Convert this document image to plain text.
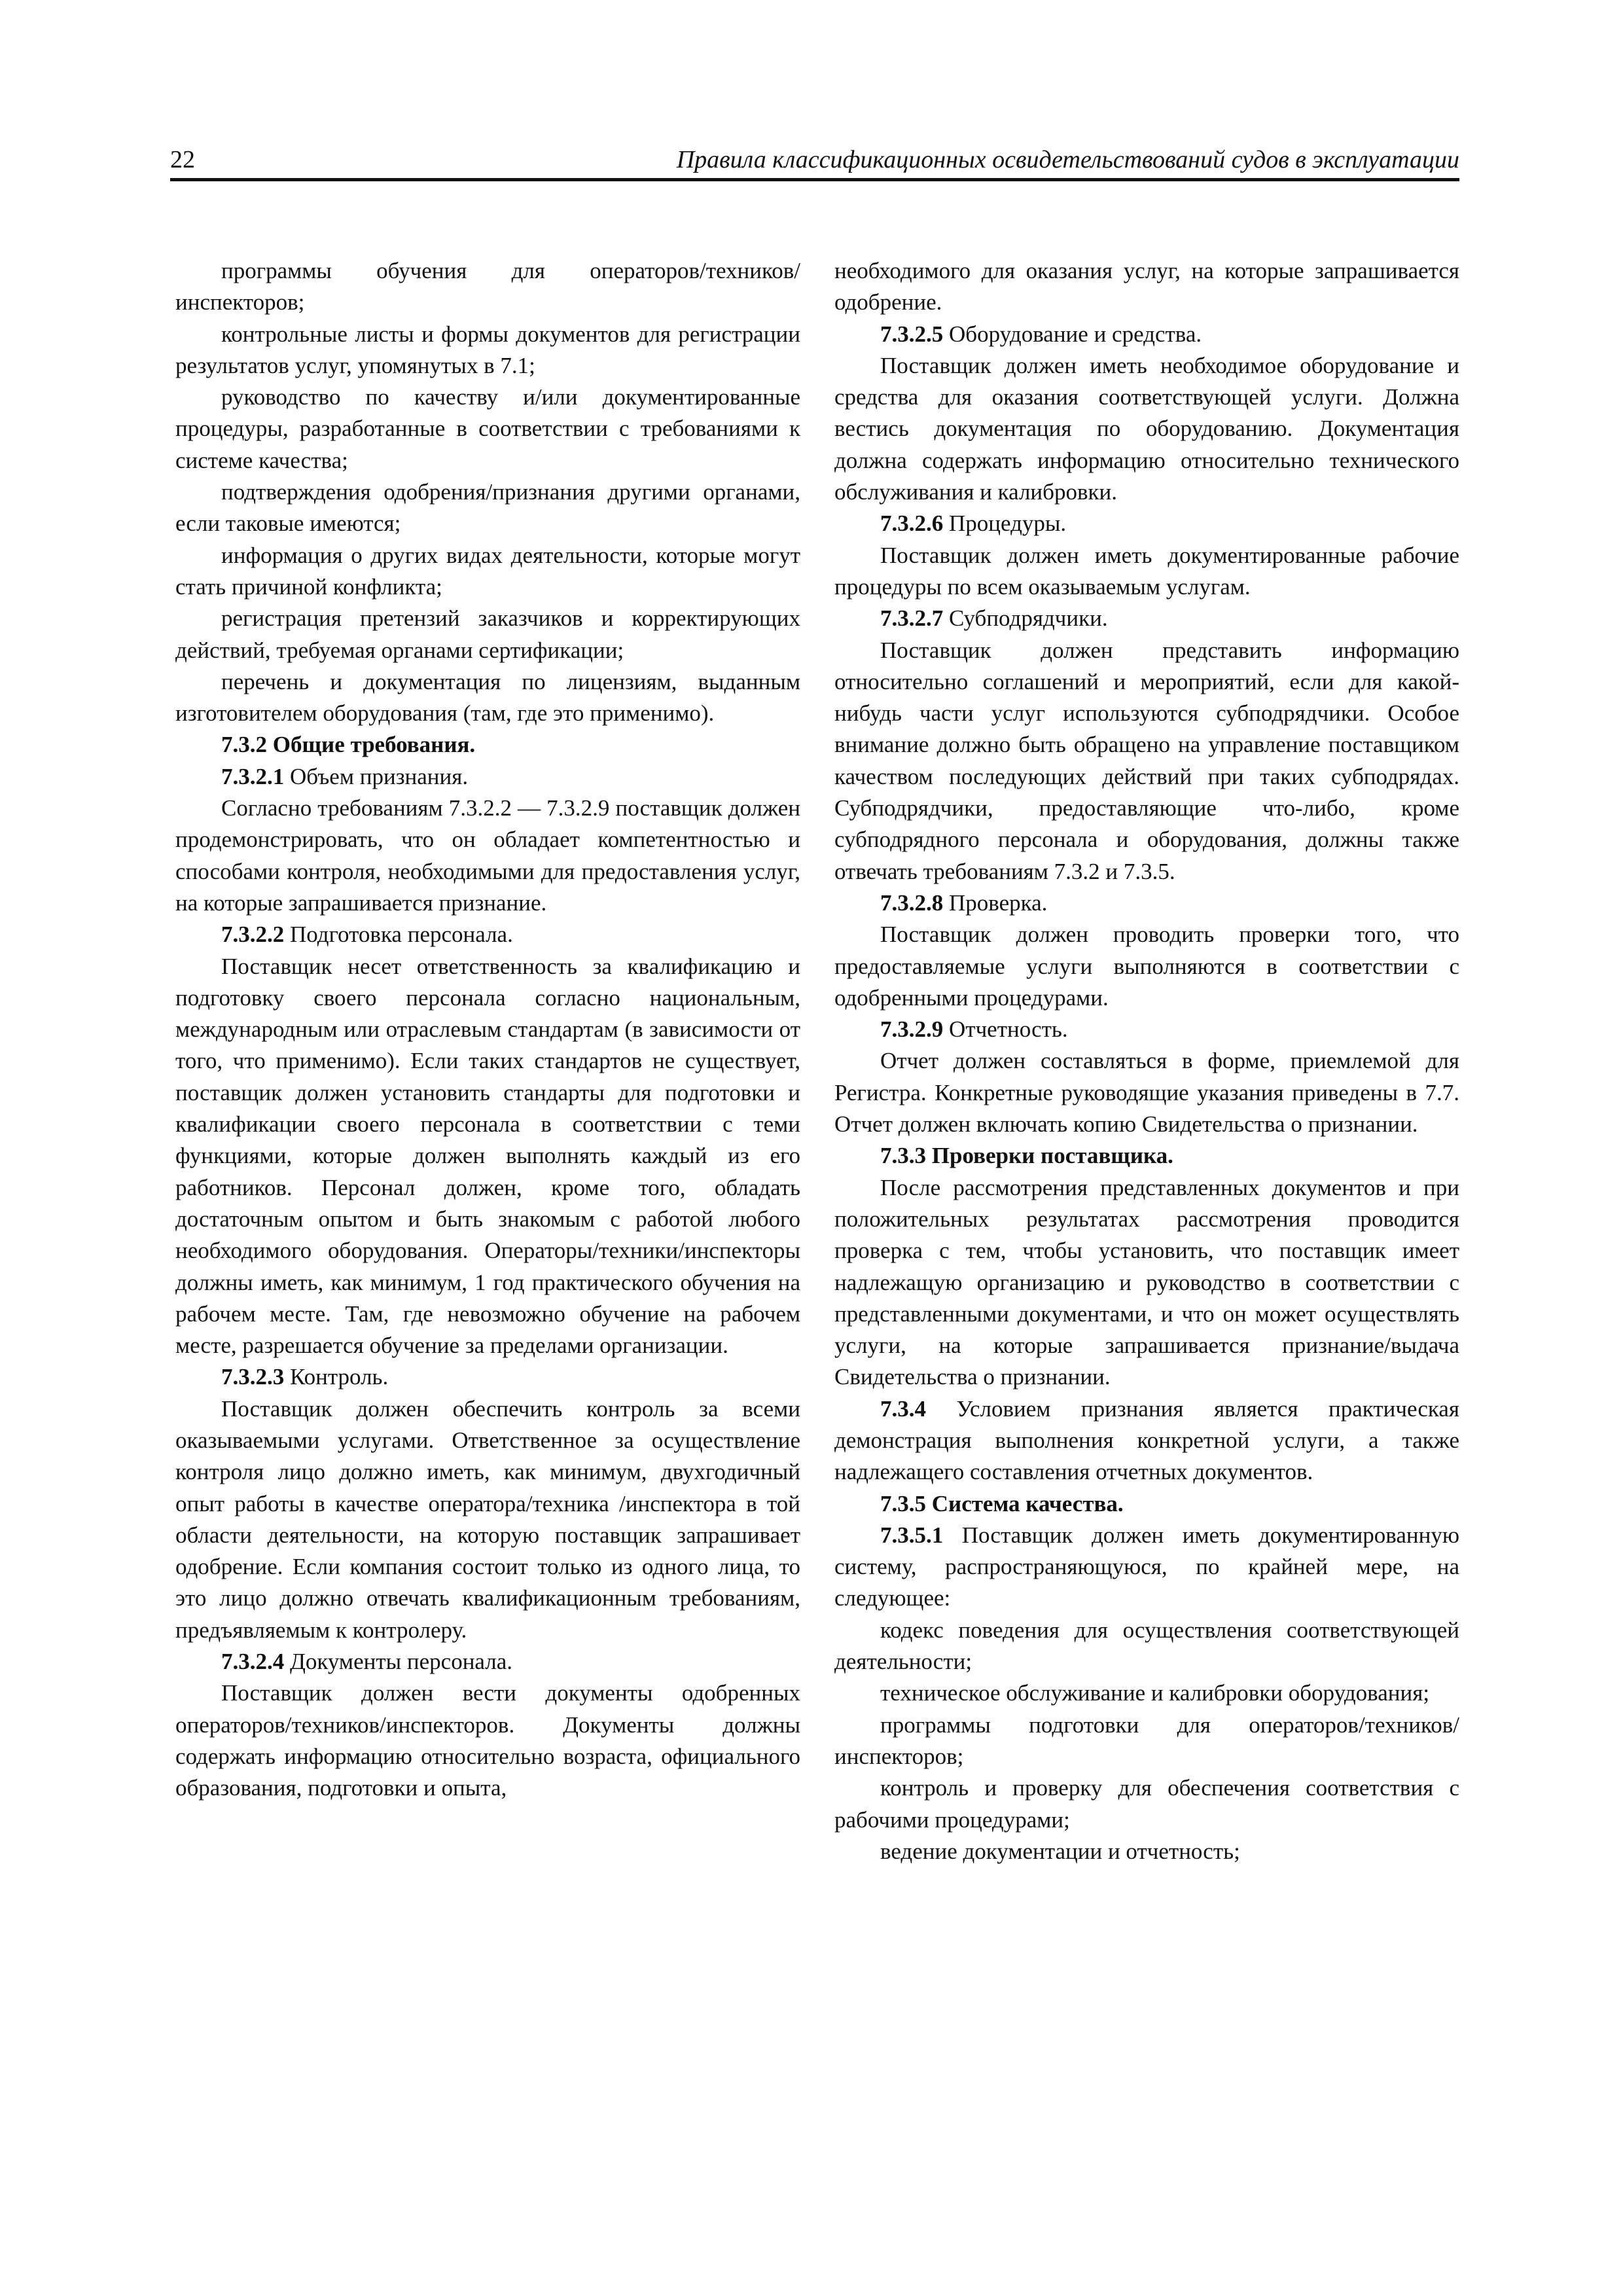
22	Правила классификационных освидетельствований судов в эксплуатации

программы обучения для операторов/техников/инспекторов;

контрольные листы и формы документов для регистрации результатов услуг, упомянутых в 7.1;

руководство по качеству и/или документированные процедуры, разработанные в соответствии с требованиями к системе качества;

подтверждения одобрения/признания другими органами, если таковые имеются;

информация о других видах деятельности, которые могут стать причиной конфликта;

регистрация претензий заказчиков и корректирующих действий, требуемая органами сертификации;

перечень и документация по лицензиям, выданным изготовителем оборудования (там, где это применимо).

7.3.2 Общие требования.

7.3.2.1 Объем признания.

Согласно требованиям 7.3.2.2 — 7.3.2.9 поставщик должен продемонстрировать, что он обладает компетентностью и способами контроля, необходимыми для предоставления услуг, на которые запрашивается признание.

7.3.2.2 Подготовка персонала.

Поставщик несет ответственность за квалификацию и подготовку своего персонала согласно национальным, международным или отраслевым стандартам (в зависимости от того, что применимо). Если таких стандартов не существует, поставщик должен установить стандарты для подготовки и квалификации своего персонала в соответствии с теми функциями, которые должен выполнять каждый из его работников. Персонал должен, кроме того, обладать достаточным опытом и быть знакомым с работой любого необходимого оборудования. Операторы/техники/инспекторы должны иметь, как минимум, 1 год практического обучения на рабочем месте. Там, где невозможно обучение на рабочем месте, разрешается обучение за пределами организации.

7.3.2.3 Контроль.

Поставщик должен обеспечить контроль за всеми оказываемыми услугами. Ответственное за осуществление контроля лицо должно иметь, как минимум, двухгодичный опыт работы в качестве оператора/техника /инспектора в той области деятельности, на которую поставщик запрашивает одобрение. Если компания состоит только из одного лица, то это лицо должно отвечать квалификационным требованиям, предъявляемым к контролеру.

7.3.2.4 Документы персонала.

Поставщик должен вести документы одобренных операторов/техников/инспекторов. Документы должны содержать информацию относительно возраста, официального образования, подготовки и опыта,

необходимого для оказания услуг, на которые запрашивается одобрение.

7.3.2.5 Оборудование и средства.

Поставщик должен иметь необходимое оборудование и средства для оказания соответствующей услуги. Должна вестись документация по оборудованию. Документация должна содержать информацию относительно технического обслуживания и калибровки.

7.3.2.6 Процедуры.

Поставщик должен иметь документированные рабочие процедуры по всем оказываемым услугам.

7.3.2.7 Субподрядчики.

Поставщик должен представить информацию относительно соглашений и мероприятий, если для какой-нибудь части услуг используются субподрядчики. Особое внимание должно быть обращено на управление поставщиком качеством последующих действий при таких субподрядах. Субподрядчики, предоставляющие что-либо, кроме субподрядного персонала и оборудования, должны также отвечать требованиям 7.3.2 и 7.3.5.

7.3.2.8 Проверка.

Поставщик должен проводить проверки того, что предоставляемые услуги выполняются в соответствии с одобренными процедурами.

7.3.2.9 Отчетность.

Отчет должен составляться в форме, приемлемой для Регистра. Конкретные руководящие указания приведены в 7.7. Отчет должен включать копию Свидетельства о признании.

7.3.3 Проверки поставщика.

После рассмотрения представленных документов и при положительных результатах рассмотрения проводится проверка с тем, чтобы установить, что поставщик имеет надлежащую организацию и руководство в соответствии с представленными документами, и что он может осуществлять услуги, на которые запрашивается признание/выдача Свидетельства о признании.

7.3.4 Условием признания является практическая демонстрация выполнения конкретной услуги, а также надлежащего составления отчетных документов.

7.3.5 Система качества.

7.3.5.1 Поставщик должен иметь документированную систему, распространяющуюся, по крайней мере, на следующее:

кодекс поведения для осуществления соответствующей деятельности;

техническое обслуживание и калибровки оборудования;

программы подготовки для операторов/техников/инспекторов;

контроль и проверку для обеспечения соответствия с рабочими процедурами;

ведение документации и отчетность;
